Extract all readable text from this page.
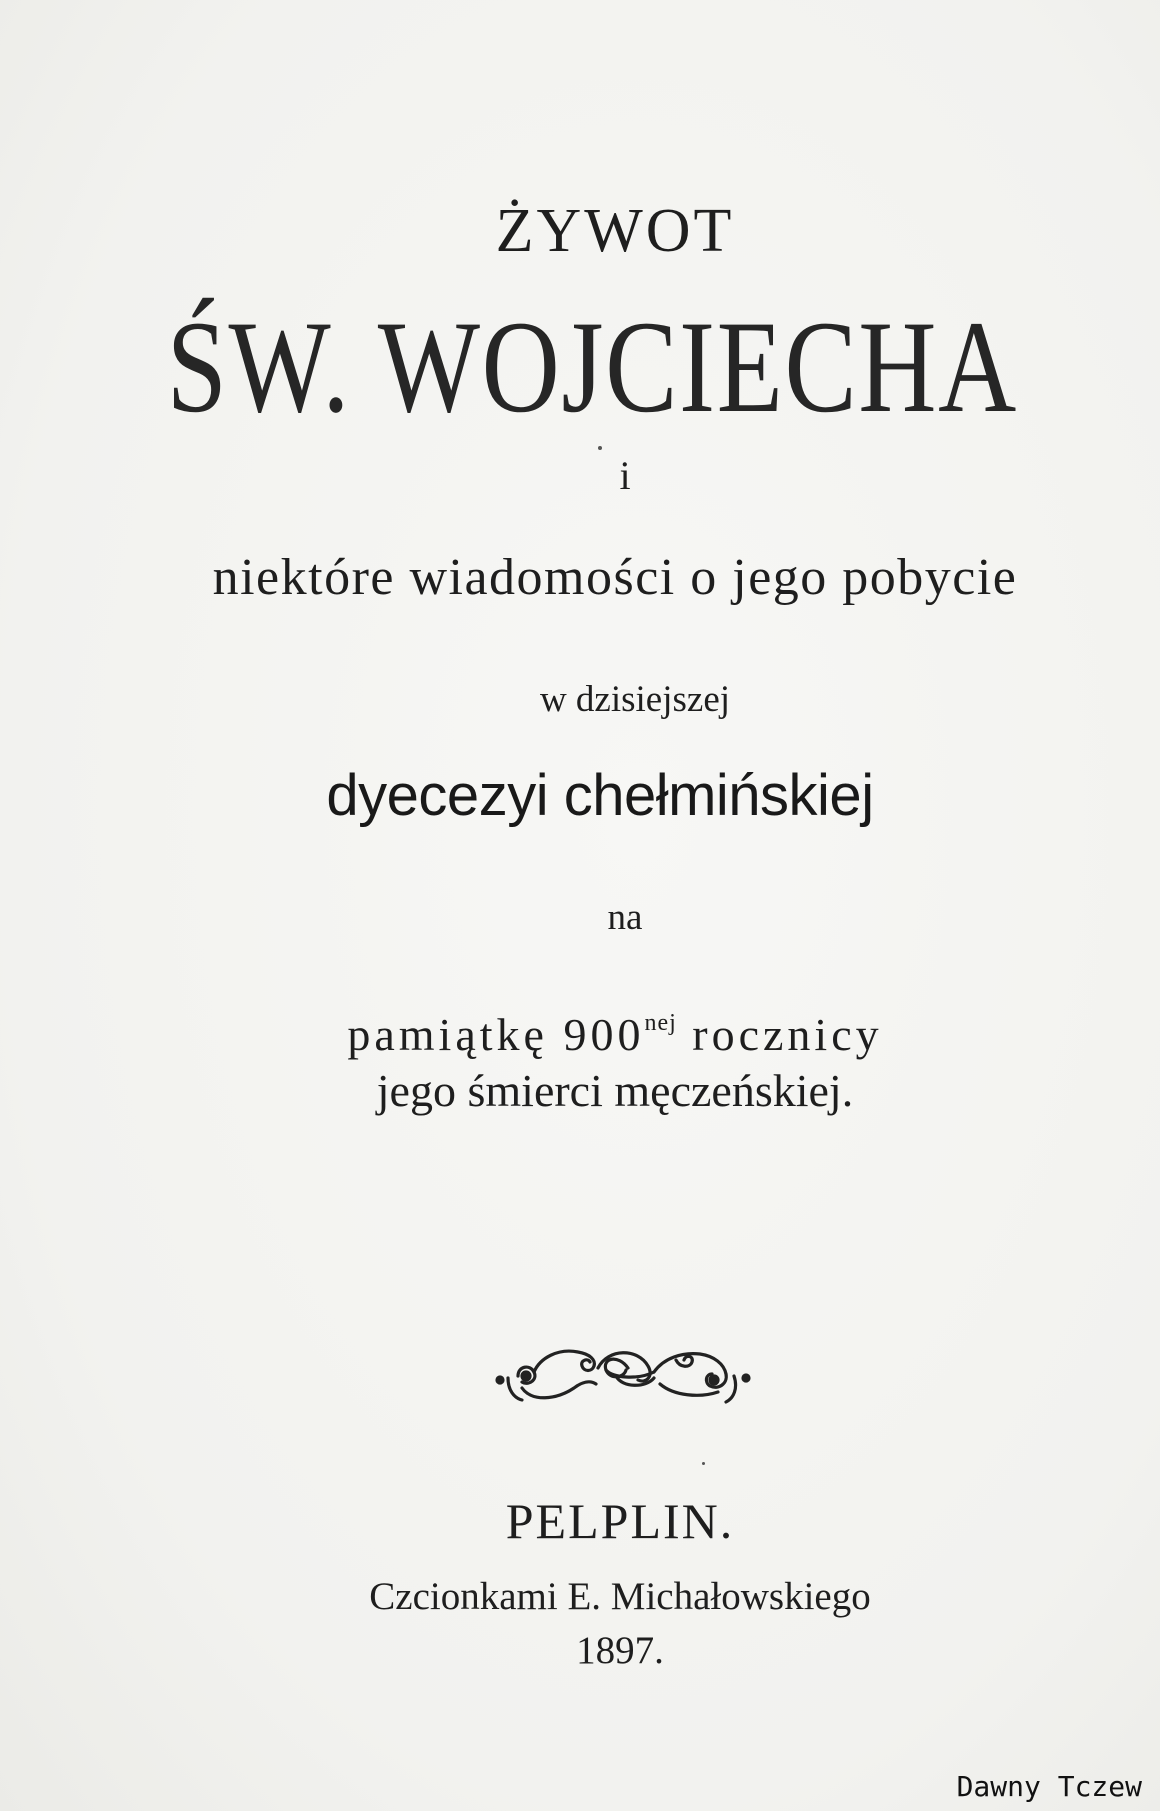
ŻYWOT
ŚW. WOJCIECHA
i
niektóre wiadomości o jego pobycie
w dzisiejszej
dyecezyi chełmińskiej
na
pamiątkę $900^{nej}$ rocznicy
jego śmierci męczeńskiej.
PELPLIN.
Czcionkami E. Michałowskiego
1897.
Dawny Tczew
